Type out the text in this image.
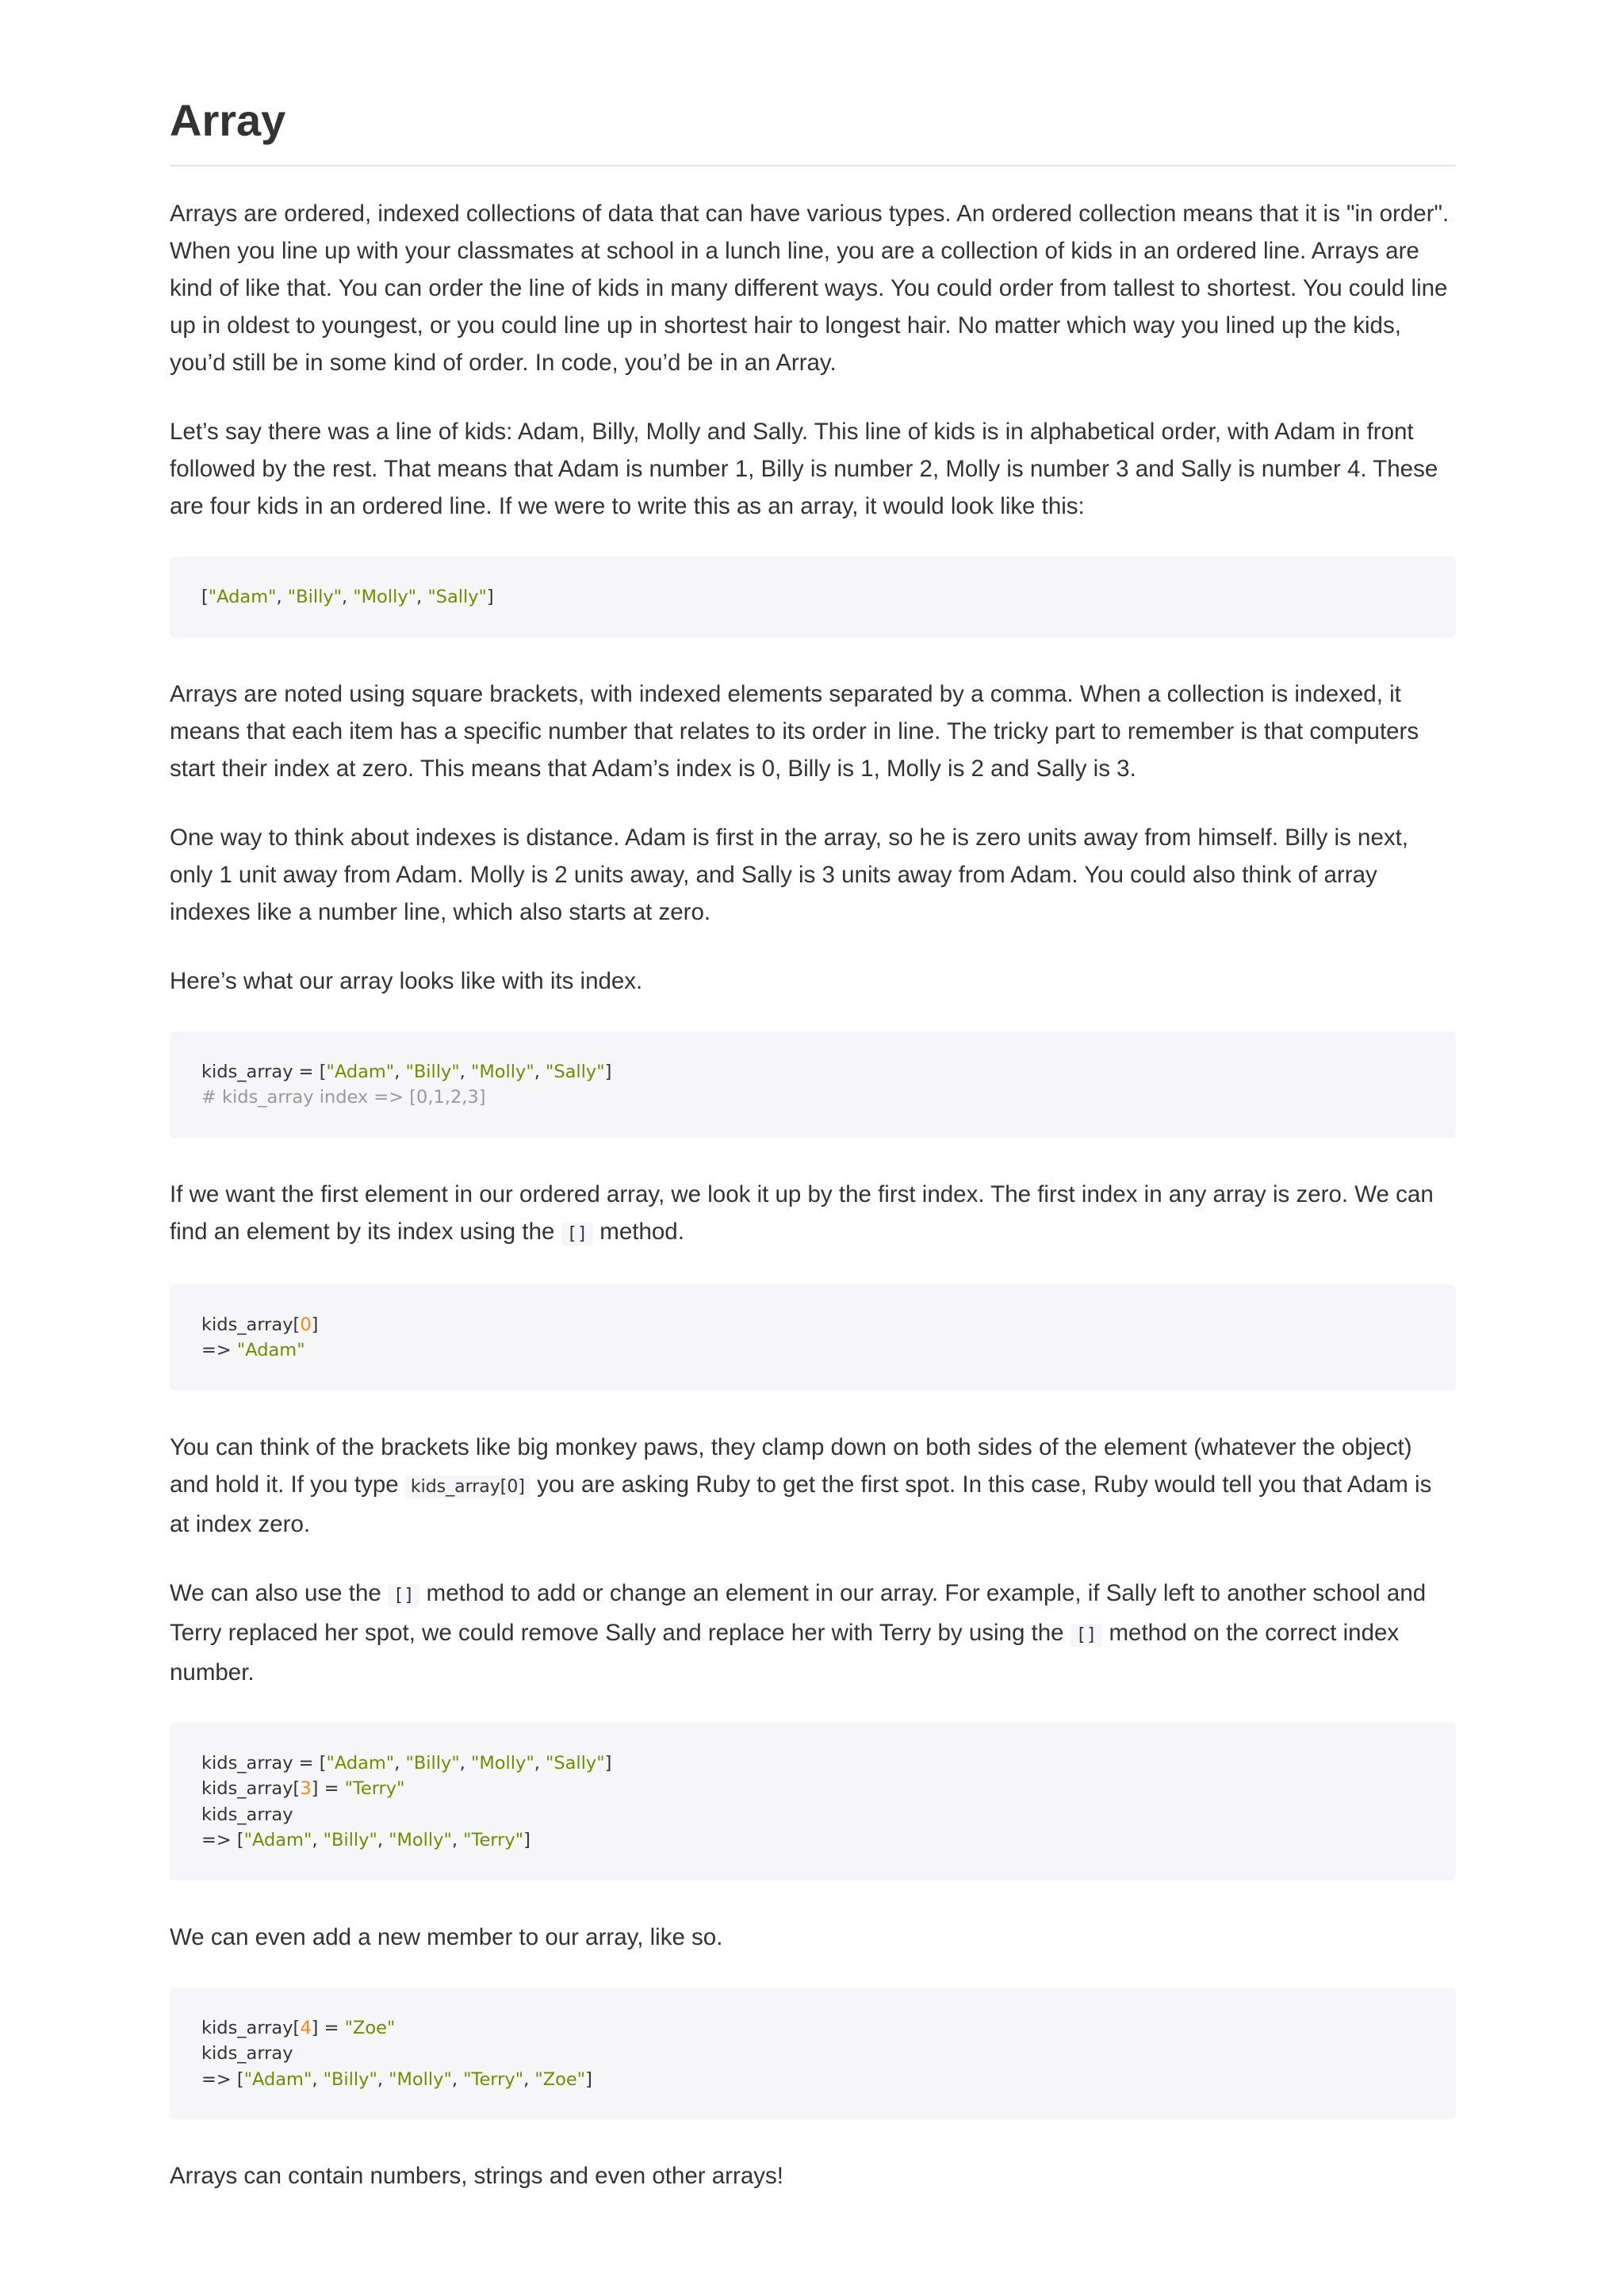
Array

Arrays are ordered, indexed collections of data that can have various types. An ordered collection means that it is "in order". When you line up with your classmates at school in a lunch line, you are a collection of kids in an ordered line. Arrays are kind of like that. You can order the line of kids in many different ways. You could order from tallest to shortest. You could line up in oldest to youngest, or you could line up in shortest hair to longest hair. No matter which way you lined up the kids, you’d still be in some kind of order. In code, you’d be in an Array.

Let’s say there was a line of kids: Adam, Billy, Molly and Sally. This line of kids is in alphabetical order, with Adam in front followed by the rest. That means that Adam is number 1, Billy is number 2, Molly is number 3 and Sally is number 4. These are four kids in an ordered line. If we were to write this as an array, it would look like this:

["Adam", "Billy", "Molly", "Sally"]

Arrays are noted using square brackets, with indexed elements separated by a comma. When a collection is indexed, it means that each item has a specific number that relates to its order in line. The tricky part to remember is that computers start their index at zero. This means that Adam’s index is 0, Billy is 1, Molly is 2 and Sally is 3.

One way to think about indexes is distance. Adam is first in the array, so he is zero units away from himself. Billy is next, only 1 unit away from Adam. Molly is 2 units away, and Sally is 3 units away from Adam. You could also think of array indexes like a number line, which also starts at zero.

Here’s what our array looks like with its index.

kids_array = ["Adam", "Billy", "Molly", "Sally"]
# kids_array index => [0,1,2,3]

If we want the first element in our ordered array, we look it up by the first index. The first index in any array is zero. We can find an element by its index using the [] method.

kids_array[0]
=> "Adam"

You can think of the brackets like big monkey paws, they clamp down on both sides of the element (whatever the object) and hold it. If you type kids_array[0] you are asking Ruby to get the first spot. In this case, Ruby would tell you that Adam is at index zero.

We can also use the [] method to add or change an element in our array. For example, if Sally left to another school and Terry replaced her spot, we could remove Sally and replace her with Terry by using the [] method on the correct index number.

kids_array = ["Adam", "Billy", "Molly", "Sally"]
kids_array[3] = "Terry"
kids_array
=> ["Adam", "Billy", "Molly", "Terry"]

We can even add a new member to our array, like so.

kids_array[4] = "Zoe"
kids_array
=> ["Adam", "Billy", "Molly", "Terry", "Zoe"]

Arrays can contain numbers, strings and even other arrays!
